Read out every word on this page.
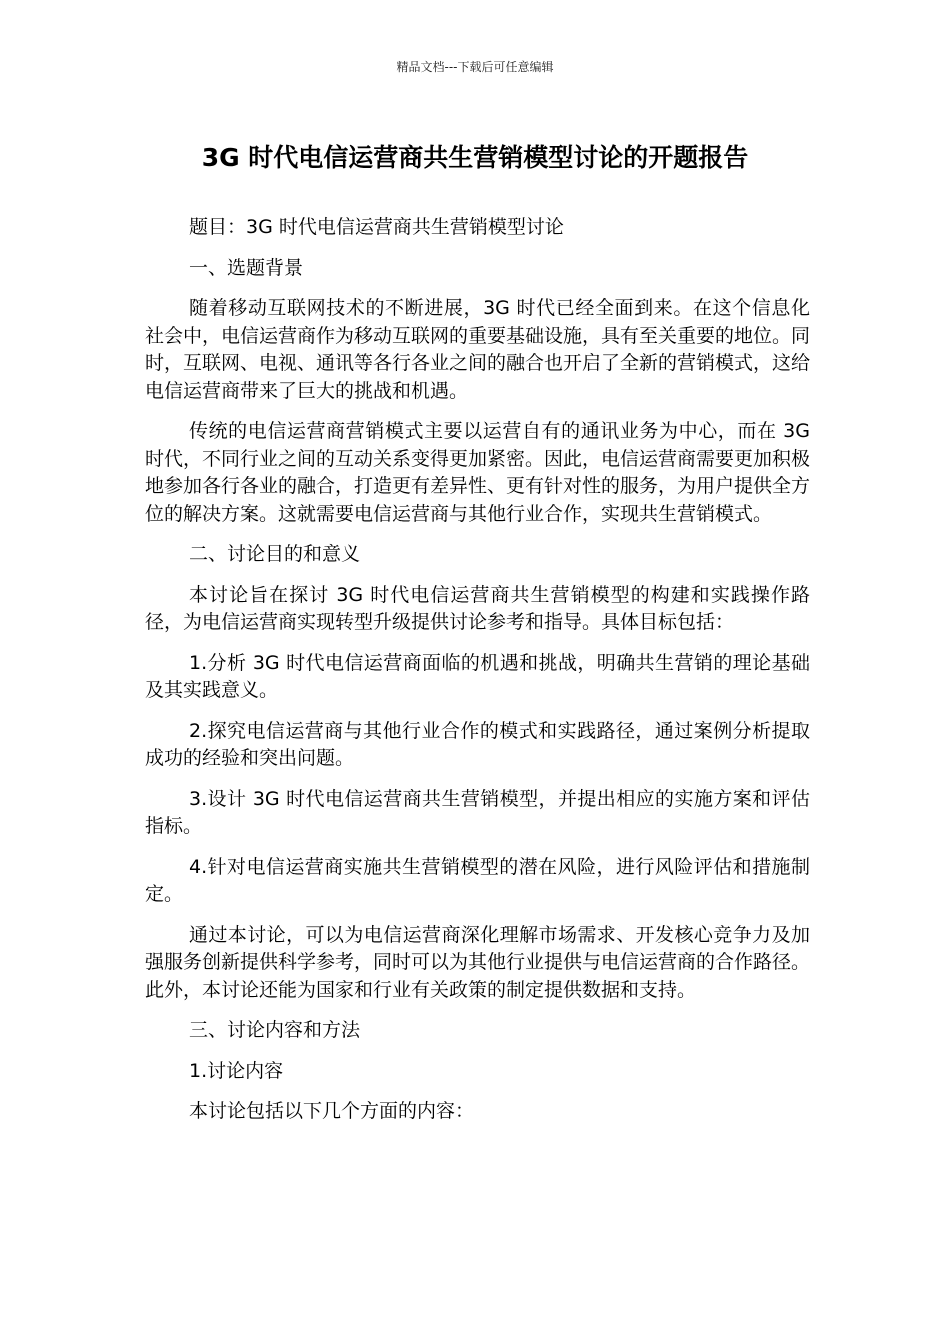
精品文档---下载后可任意编辑
3G 时代电信运营商共生营销模型讨论的开题报告

题目：3G 时代电信运营商共生营销模型讨论

一、选题背景

随着移动互联网技术的不断进展，3G 时代已经全面到来。在这个信息化社会中，电信运营商作为移动互联网的重要基础设施，具有至关重要的地位。同时，互联网、电视、通讯等各行各业之间的融合也开启了全新的营销模式，这给电信运营商带来了巨大的挑战和机遇。

传统的电信运营商营销模式主要以运营自有的通讯业务为中心，而在 3G 时代，不同行业之间的互动关系变得更加紧密。因此，电信运营商需要更加积极地参加各行各业的融合，打造更有差异性、更有针对性的服务，为用户提供全方位的解决方案。这就需要电信运营商与其他行业合作，实现共生营销模式。

二、讨论目的和意义

本讨论旨在探讨 3G 时代电信运营商共生营销模型的构建和实践操作路径，为电信运营商实现转型升级提供讨论参考和指导。具体目标包括：

1.分析 3G 时代电信运营商面临的机遇和挑战，明确共生营销的理论基础及其实践意义。

2.探究电信运营商与其他行业合作的模式和实践路径，通过案例分析提取成功的经验和突出问题。

3.设计 3G 时代电信运营商共生营销模型，并提出相应的实施方案和评估指标。

4.针对电信运营商实施共生营销模型的潜在风险，进行风险评估和措施制定。

通过本讨论，可以为电信运营商深化理解市场需求、开发核心竞争力及加强服务创新提供科学参考，同时可以为其他行业提供与电信运营商的合作路径。此外，本讨论还能为国家和行业有关政策的制定提供数据和支持。

三、讨论内容和方法

1.讨论内容

本讨论包括以下几个方面的内容：
